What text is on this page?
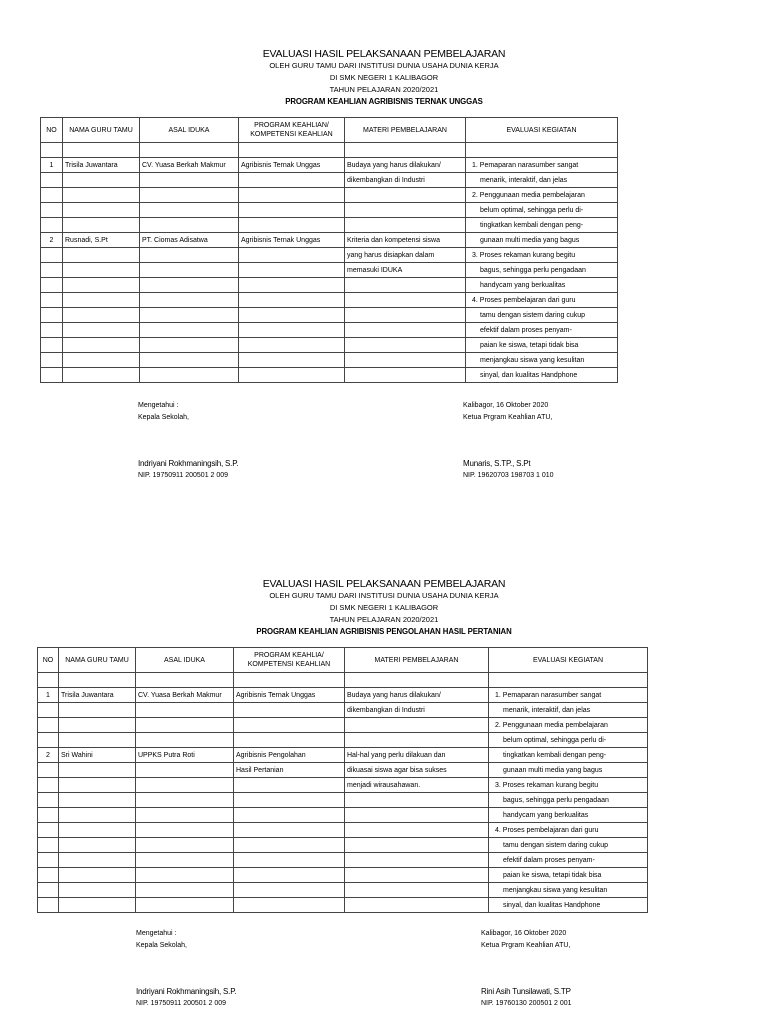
EVALUASI HASIL PELAKSANAAN PEMBELAJARAN
OLEH GURU TAMU DARI INSTITUSI DUNIA USAHA DUNIA KERJA
DI SMK NEGERI 1 KALIBAGOR
TAHUN PELAJARAN 2020/2021
PROGRAM KEAHLIAN AGRIBISNIS TERNAK UNGGAS
NO	NAMA GURU TAMU	ASAL IDUKA	PROGRAM KEAHLIAN/ KOMPETENSI KEAHLIAN	MATERI PEMBELAJARAN	EVALUASI KEGIATAN

1	Trisila Juwantara	CV. Yuasa Berkah Makmur	Agribisnis Ternak Unggas	Budaya yang harus dilakukan/	1. Pemaparan narasumber sangat
				dikembangkan di Industri	menarik, interaktif, dan jelas
					2. Penggunaan media pembelajaran
					belum optimal, sehingga perlu di-
					tingkatkan kembali dengan peng-
2	Rusnadi, S.Pt	PT. Ciomas Adisatwa	Agribisnis Ternak Unggas	Kriteria dan kompetensi siswa	gunaan multi media yang bagus
				yang harus disiapkan dalam	3. Proses rekaman kurang begitu
				memasuki IDUKA	bagus, sehingga perlu pengadaan
					handycam yang berkualitas
					4. Proses pembelajaran dari guru
					tamu dengan sistem daring cukup
					efektif dalam proses penyam-
					paian ke siswa, tetapi tidak bisa
					menjangkau siswa yang kesulitan
					sinyal, dan kualitas Handphone
Mengetahui :
Kepala Sekolah,
Indriyani Rokhmaningsih, S.P.
NIP. 19750911 200501 2 009
Kalibagor, 16 Oktober 2020
Ketua Prgram Keahlian ATU,
Munaris, S.TP., S.Pt
NIP. 19620703 198703 1 010
EVALUASI HASIL PELAKSANAAN PEMBELAJARAN
OLEH GURU TAMU DARI INSTITUSI DUNIA USAHA DUNIA KERJA
DI SMK NEGERI 1 KALIBAGOR
TAHUN PELAJARAN 2020/2021
PROGRAM KEAHLIAN AGRIBISNIS PENGOLAHAN HASIL PERTANIAN
NO	NAMA GURU TAMU	ASAL IDUKA	PROGRAM KEAHLIA/ KOMPETENSI KEAHLIAN	MATERI PEMBELAJARAN	EVALUASI KEGIATAN

1	Trisila Juwantara	CV. Yuasa Berkah Makmur	Agribisnis Ternak Unggas	Budaya yang harus dilakukan/	1. Pemaparan narasumber sangat
				dikembangkan di Industri	menarik, interaktif, dan jelas
					2. Penggunaan media pembelajaran
					belum optimal, sehingga perlu di-
2	Sri Wahini	UPPKS Putra Roti	Agribisnis Pengolahan	Hal-hal yang perlu dilakuan dan	tingkatkan kembali dengan peng-
			Hasil Pertanian	dikuasai siswa agar bisa sukses	gunaan multi media yang bagus
				menjadi wirausahawan.	3. Proses rekaman kurang begitu
					bagus, sehingga perlu pengadaan
					handycam yang berkualitas
					4. Proses pembelajaran dari guru
					tamu dengan sistem daring cukup
					efektif dalam proses penyam-
					paian ke siswa, tetapi tidak bisa
					menjangkau siswa yang kesulitan
					sinyal, dan kualitas Handphone
Mengetahui :
Kepala Sekolah,
Indriyani Rokhmaningsih, S.P.
NIP. 19750911 200501 2 009
Kalibagor, 16 Oktober 2020
Ketua Prgram Keahlian ATU,
Rini Asih Tunsilawati, S.TP
NIP. 19760130 200501 2 001
